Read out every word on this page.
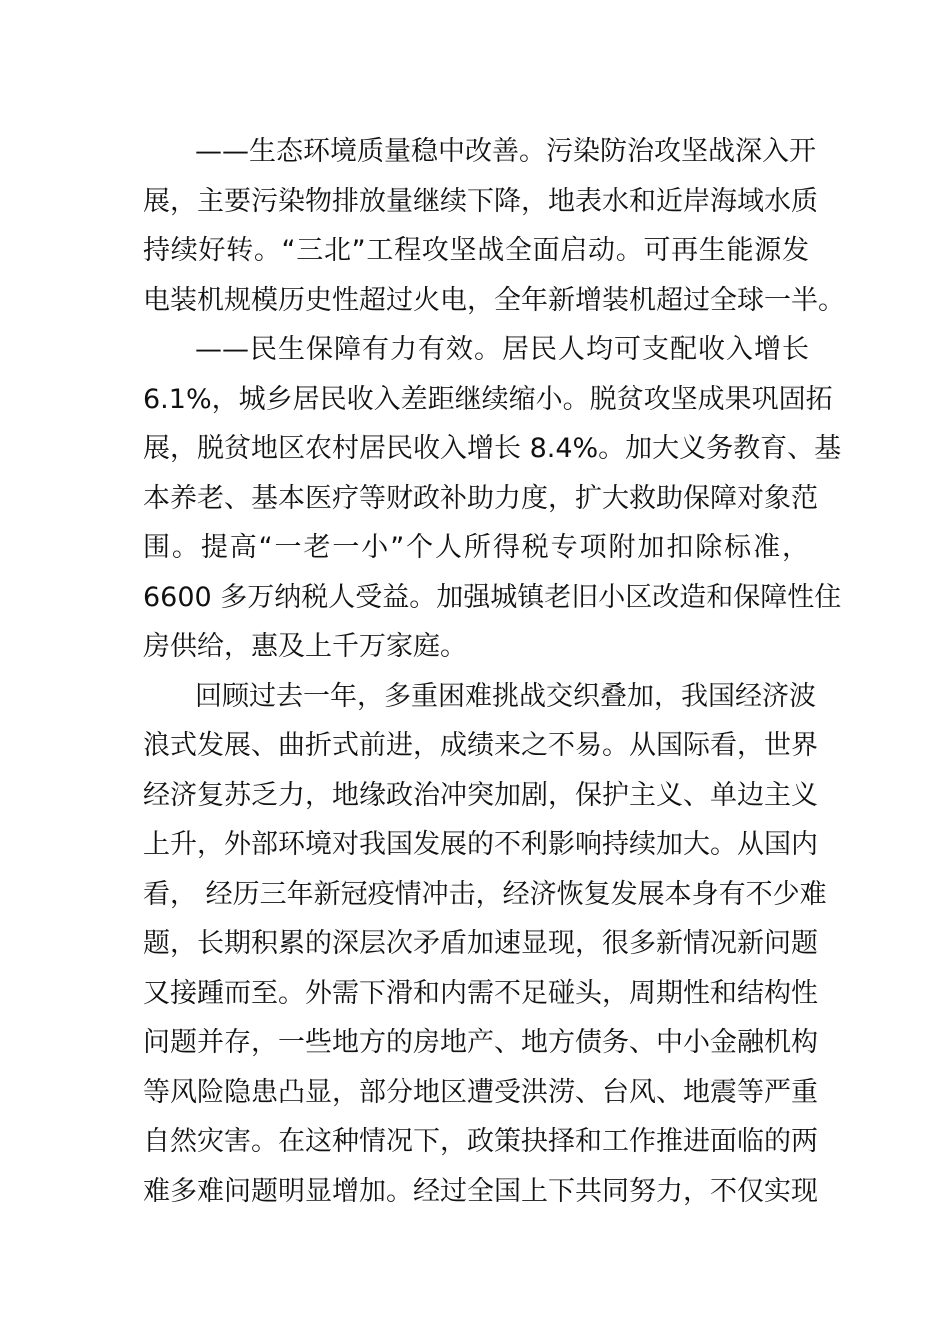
——生态环境质量稳中改善。污染防治攻坚战深入开
展，主要污染物排放量继续下降，地表水和近岸海域水质
持续好转。“三北”工程攻坚战全面启动。可再生能源发
电装机规模历史性超过火电，全年新增装机超过全球一半。
——民生保障有力有效。居民人均可支配收入增长
6.1%，城乡居民收入差距继续缩小。脱贫攻坚成果巩固拓
展，脱贫地区农村居民收入增长 8.4%。加大义务教育、基
本养老、基本医疗等财政补助力度，扩大救助保障对象范
围。提高“一老一小”个人所得税专项附加扣除标准，
6600 多万纳税人受益。加强城镇老旧小区改造和保障性住
房供给，惠及上千万家庭。
回顾过去一年，多重困难挑战交织叠加，我国经济波
浪式发展、曲折式前进，成绩来之不易。从国际看，世界
经济复苏乏力，地缘政治冲突加剧，保护主义、单边主义
上升，外部环境对我国发展的不利影响持续加大。从国内
看， 经历三年新冠疫情冲击，经济恢复发展本身有不少难
题，长期积累的深层次矛盾加速显现，很多新情况新问题
又接踵而至。外需下滑和内需不足碰头，周期性和结构性
问题并存，一些地方的房地产、地方债务、中小金融机构
等风险隐患凸显，部分地区遭受洪涝、台风、地震等严重
自然灾害。在这种情况下，政策抉择和工作推进面临的两
难多难问题明显增加。经过全国上下共同努力，不仅实现
